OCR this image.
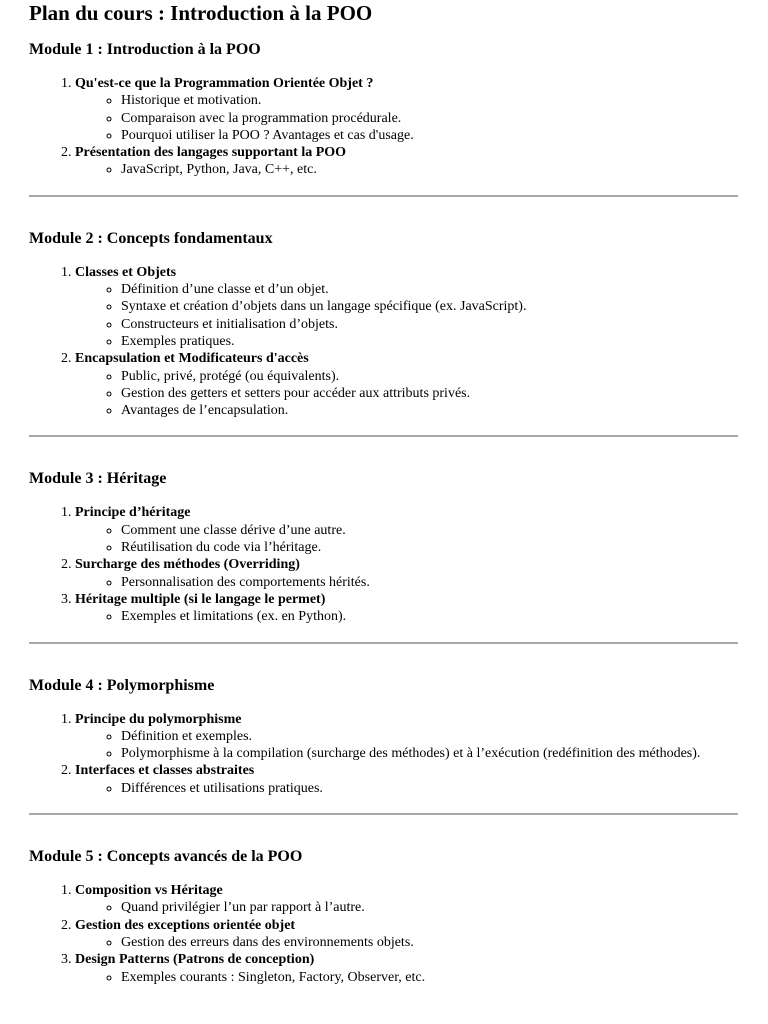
Plan du cours : Introduction à la POO
Module 1 : Introduction à la POO
1. Qu'est-ce que la Programmation Orientée Objet ?
◦ Historique et motivation.
◦ Comparaison avec la programmation procédurale.
◦ Pourquoi utiliser la POO ? Avantages et cas d'usage.
2. Présentation des langages supportant la POO
◦ JavaScript, Python, Java, C++, etc.
Module 2 : Concepts fondamentaux
1. Classes et Objets
◦ Définition d’une classe et d’un objet.
◦ Syntaxe et création d’objets dans un langage spécifique (ex. JavaScript).
◦ Constructeurs et initialisation d’objets.
◦ Exemples pratiques.
2. Encapsulation et Modificateurs d'accès
◦ Public, privé, protégé (ou équivalents).
◦ Gestion des getters et setters pour accéder aux attributs privés.
◦ Avantages de l’encapsulation.
Module 3 : Héritage
1. Principe d’héritage
◦ Comment une classe dérive d’une autre.
◦ Réutilisation du code via l’héritage.
2. Surcharge des méthodes (Overriding)
◦ Personnalisation des comportements hérités.
3. Héritage multiple (si le langage le permet)
◦ Exemples et limitations (ex. en Python).
Module 4 : Polymorphisme
1. Principe du polymorphisme
◦ Définition et exemples.
◦ Polymorphisme à la compilation (surcharge des méthodes) et à l’exécution (redéfinition des méthodes).
2. Interfaces et classes abstraites
◦ Différences et utilisations pratiques.
Module 5 : Concepts avancés de la POO
1. Composition vs Héritage
◦ Quand privilégier l’un par rapport à l’autre.
2. Gestion des exceptions orientée objet
◦ Gestion des erreurs dans des environnements objets.
3. Design Patterns (Patrons de conception)
◦ Exemples courants : Singleton, Factory, Observer, etc.
